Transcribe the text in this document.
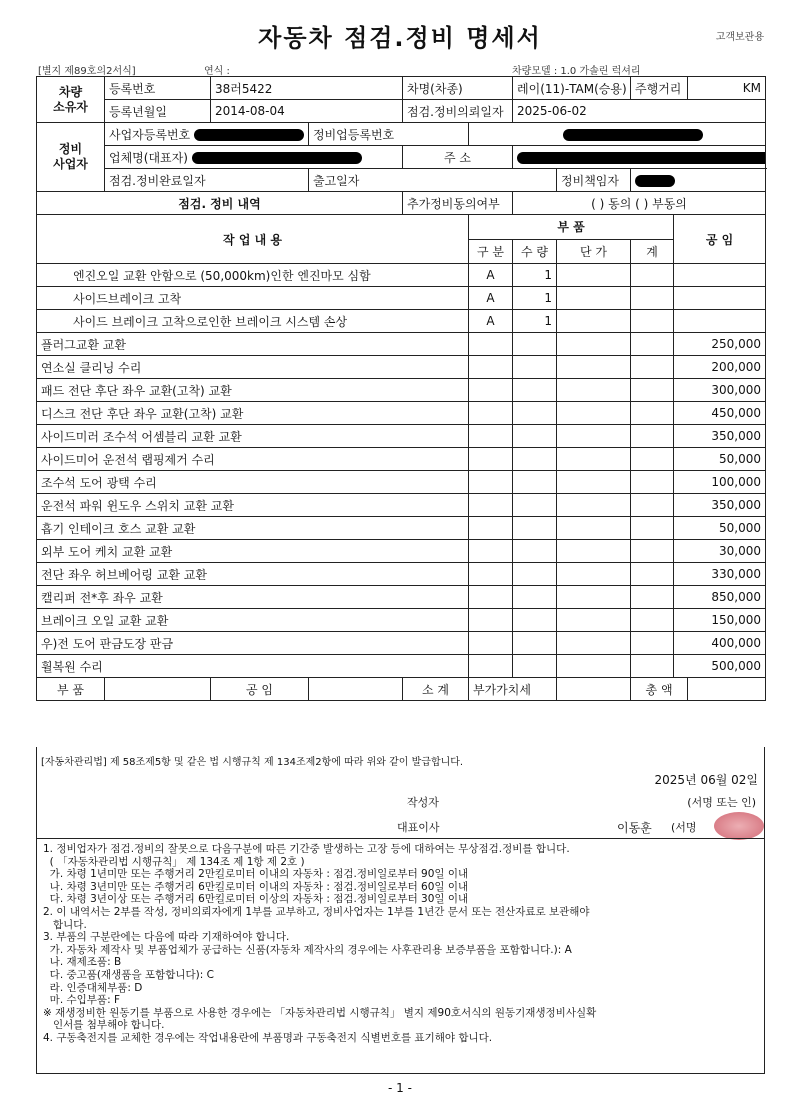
자동차 점검.정비 명세서	고객보관용
[별지 제89호의2서식]	연식 :	차량모델 : 1.0 가솔린 럭셔리
차량
소유자	등록번호	38러5422		차명(차종)		레이(11)-TAM(승용)		주행거리		KM
	등록년월일	2014-08-04		점검.정비의뢰일자		2025-06-02				
정비
사업자	사업자등록번호		정비업등록번호							
	업체명(대표자)			주 소						
	점검.정비완료일자		출고일자				정비책임자			
점검. 정비 내역				추가정비동의여부		( ) 동의 ( ) 부동의				
작 업 내 용					부 품				공 임	
					구 분	수 량	단 가	계		
엔진오일 교환 안함으로 (50,000km)인한 엔진마모 심함					A	1				
사이드브레이크 고착					A	1				
사이드 브레이크 고착으로인한 브레이크 시스템 손상					A	1				
플러그교환 교환									250,000	
연소실 클리닝 수리									200,000	
패드 전단 후단 좌우 교환(고착) 교환									300,000	
디스크 전단 후단 좌우 교환(고착) 교환									450,000	
사이드미러 조수석 어셈블리 교환 교환									350,000	
사이드미어 운전석 랩핑제거 수리									50,000	
조수석 도어 광택 수리									100,000	
운전석 파워 윈도우 스위치 교환 교환									350,000	
흡기 인테이크 호스 교환 교환									50,000	
외부 도어 케치 교환 교환									30,000	
전단 좌우 허브베어링 교환 교환									330,000	
캘리퍼 전*후 좌우 교환									850,000	
브레이크 오일 교환 교환									150,000	
우)전 도어 판금도장 판금									400,000	
휠복원 수리									500,000	
부 품		공 임		소 계	부가가치세			총 액		
[자동차관리법] 제 58조제5항 및 같은 법 시행규칙 제 134조제2항에 따라 위와 같이 발급합니다.
2025년 06월 02일
작성자	(서명 또는 인)
대표이사	이동훈 (서명
1. 정비업자가 점검.정비의 잘못으로 다음구분에 따른 기간중 발생하는 고장 등에 대하여는 무상점검.정비를 합니다.
( 「자동차관리법 시행규칙」 제 134조 제 1항 제 2호 )
가. 차령 1년미만 또는 주행거리 2만킬로미터 이내의 자동차 : 점검.정비일로부터 90일 이내
나. 차령 3년미만 또는 주행거리 6만킬로미터 이내의 자동차 : 점검.정비일로부터 60일 이내
다. 차령 3년이상 또는 주행거리 6만킬로미터 이상의 자동차 : 점검.정비일로부터 30일 이내
2. 이 내역서는 2부를 작성, 정비의뢰자에게 1부를 교부하고, 정비사업자는 1부를 1년간 문서 또는 전산자료로 보관해야
합니다.
3. 부품의 구분란에는 다음에 따라 기재하여야 합니다.
가. 자동차 제작사 및 부품업체가 공급하는 신품(자동차 제작사의 경우에는 사후관리용 보증부품을 포함합니다.): A
나. 재제조품: B
다. 중고품(재생품을 포함합니다): C
라. 인증대체부품: D
마. 수입부품: F
※ 재생정비한 원동기를 부품으로 사용한 경우에는 「자동차관리법 시행규칙」 별지 제90호서식의 원동기재생정비사실확
인서를 첨부해야 합니다.
4. 구동축전지를 교체한 경우에는 작업내용란에 부품명과 구동축전지 식별번호를 표기해야 합니다.
- 1 -
